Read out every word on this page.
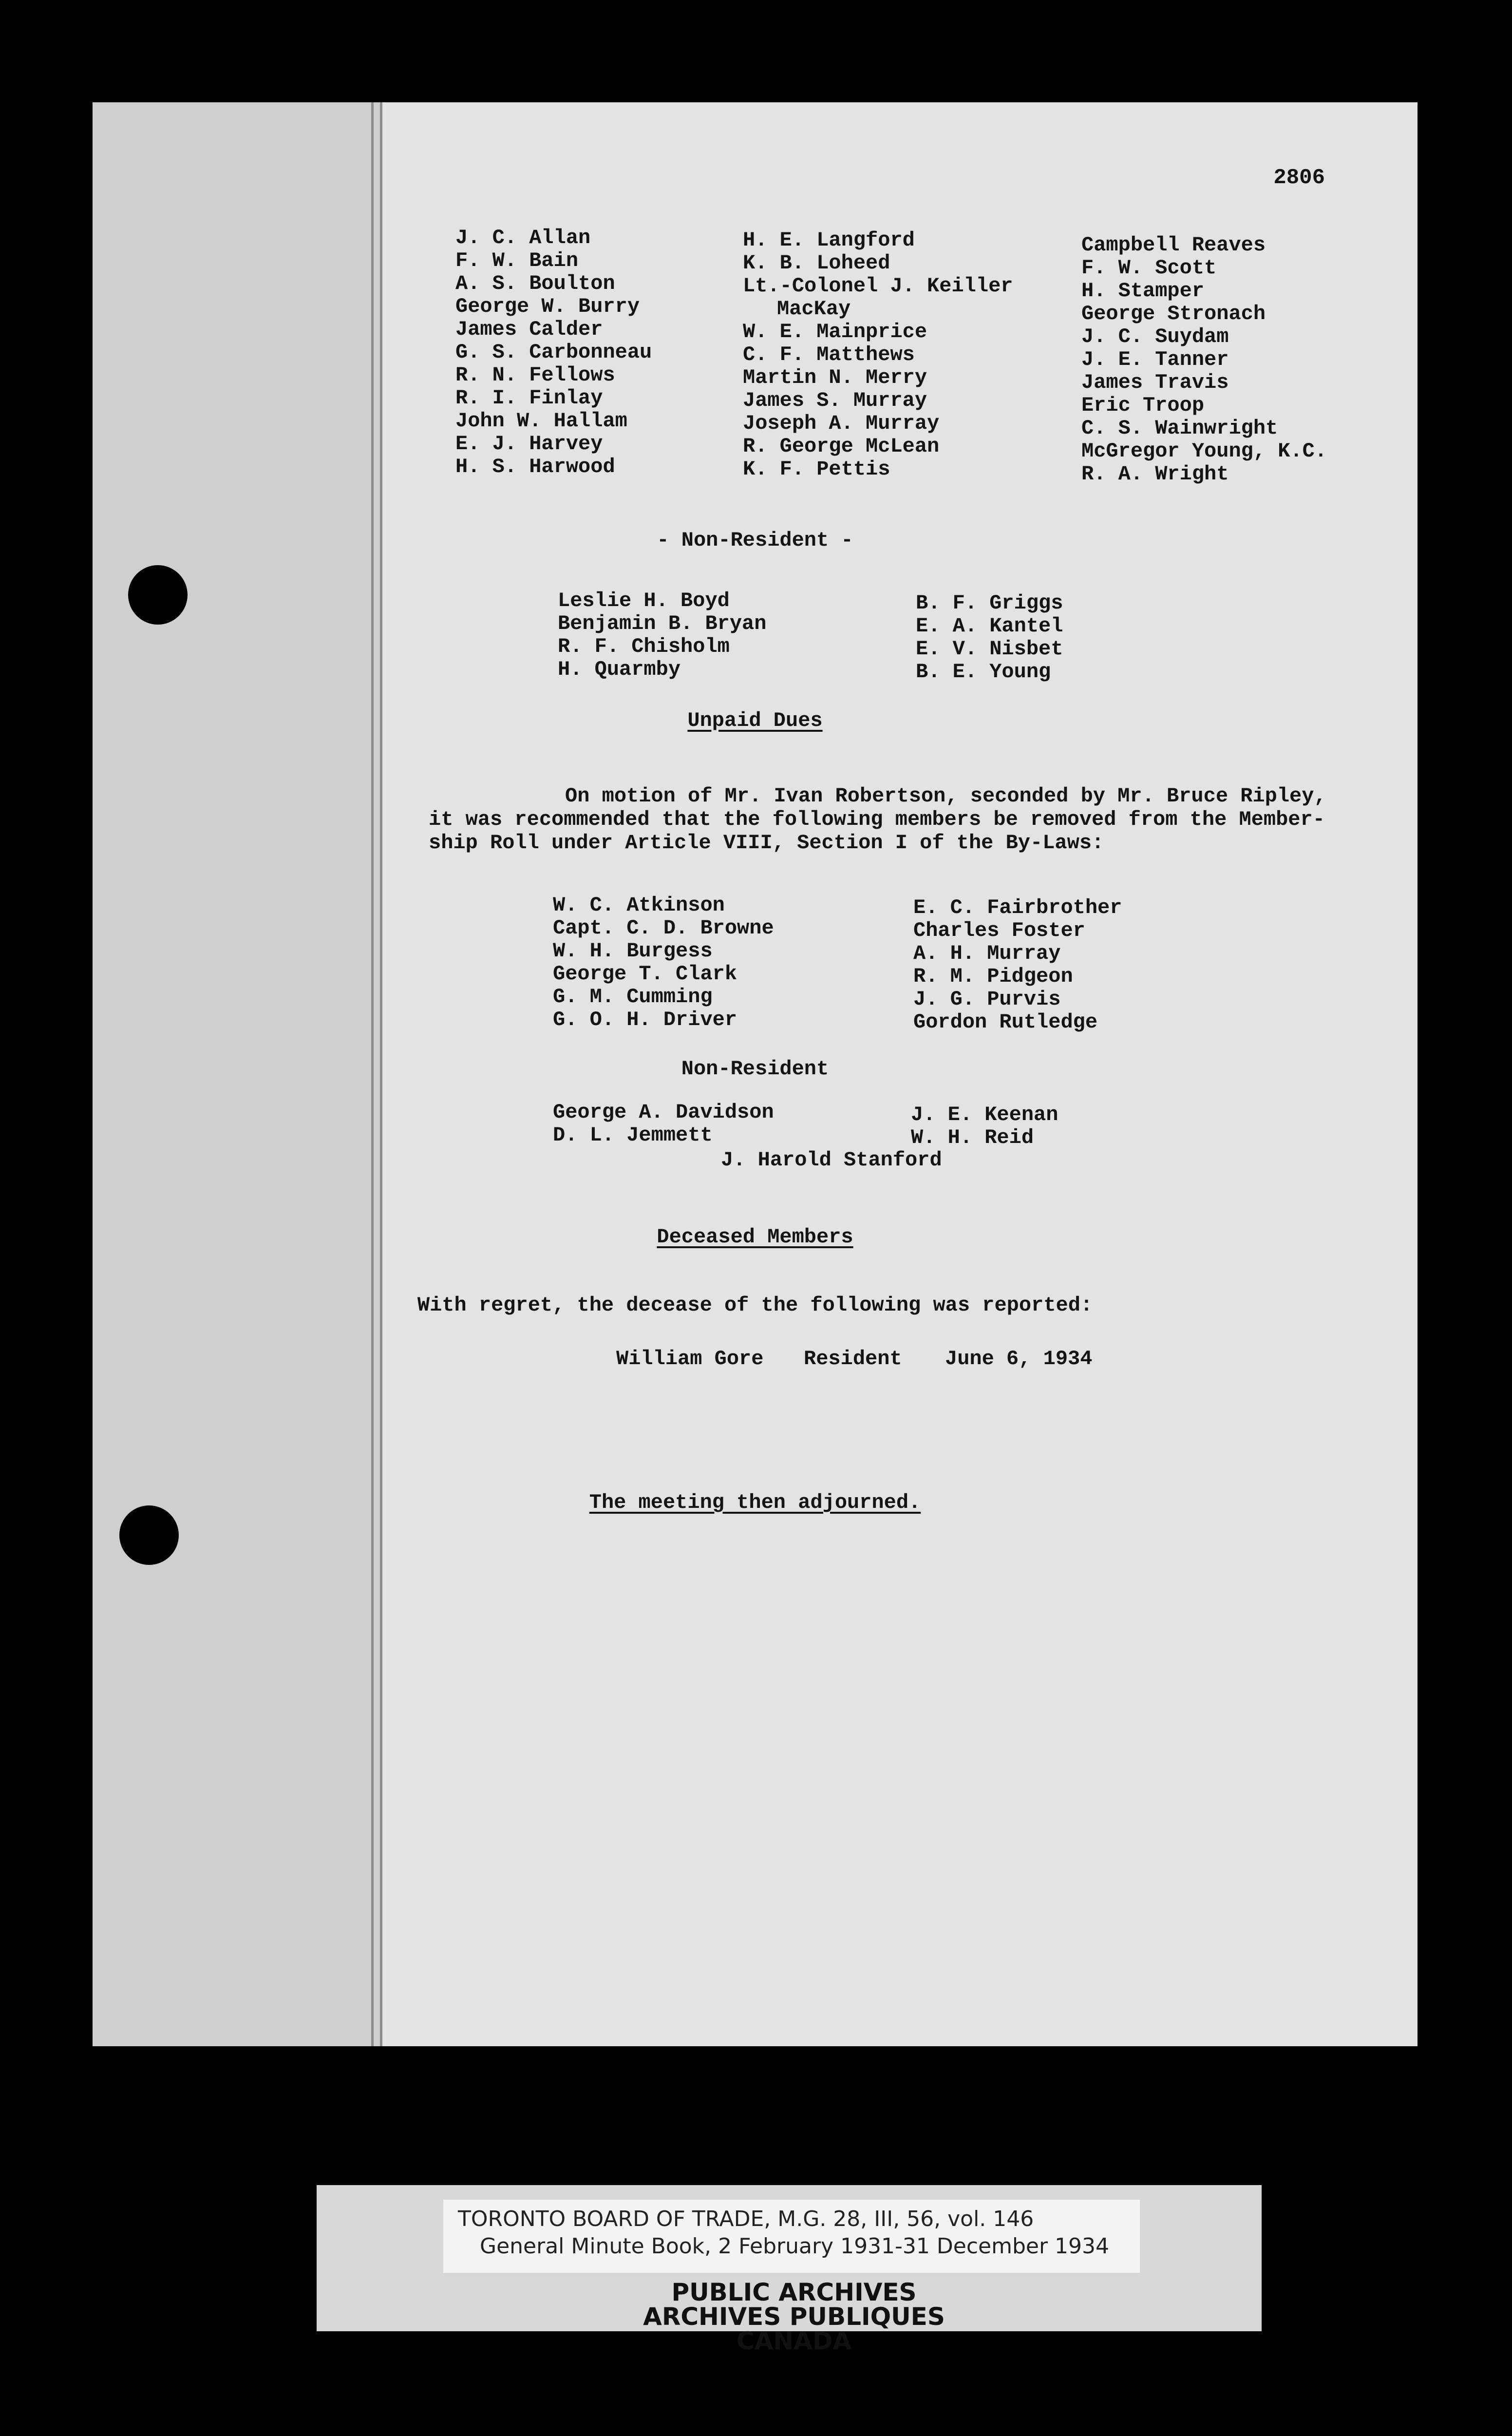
2806
J. C. Allan
F. W. Bain
A. S. Boulton
George W. Burry
James Calder
G. S. Carbonneau
R. N. Fellows
R. I. Finlay
John W. Hallam
E. J. Harvey
H. S. Harwood
H. E. Langford
K. B. Loheed
Lt.-Colonel J. Keiller
MacKay
W. E. Mainprice
C. F. Matthews
Martin N. Merry
James S. Murray
Joseph A. Murray
R. George McLean
K. F. Pettis
Campbell Reaves
F. W. Scott
H. Stamper
George Stronach
J. C. Suydam
J. E. Tanner
James Travis
Eric Troop
C. S. Wainwright
McGregor Young, K.C.
R. A. Wright
- Non-Resident -
Leslie H. Boyd
Benjamin B. Bryan
R. F. Chisholm
H. Quarmby
B. F. Griggs
E. A. Kantel
E. V. Nisbet
B. E. Young
Unpaid Dues
On motion of Mr. Ivan Robertson, seconded by Mr. Bruce Ripley,
it was recommended that the following members be removed from the Member-
ship Roll under Article VIII, Section I of the By-Laws:
W. C. Atkinson
Capt. C. D. Browne
W. H. Burgess
George T. Clark
G. M. Cumming
G. O. H. Driver
E. C. Fairbrother
Charles Foster
A. H. Murray
R. M. Pidgeon
J. G. Purvis
Gordon Rutledge
Non-Resident
George A. Davidson
D. L. Jemmett
J. E. Keenan
W. H. Reid
J. Harold Stanford
Deceased Members
With regret, the decease of the following was reported:
William Gore Resident June 6, 1934
The meeting then adjourned.
TORONTO BOARD OF TRADE, M.G. 28, III, 56, vol. 146
General Minute Book, 2 February 1931-31 December 1934
PUBLIC ARCHIVES
ARCHIVES PUBLIQUES
CANADA
